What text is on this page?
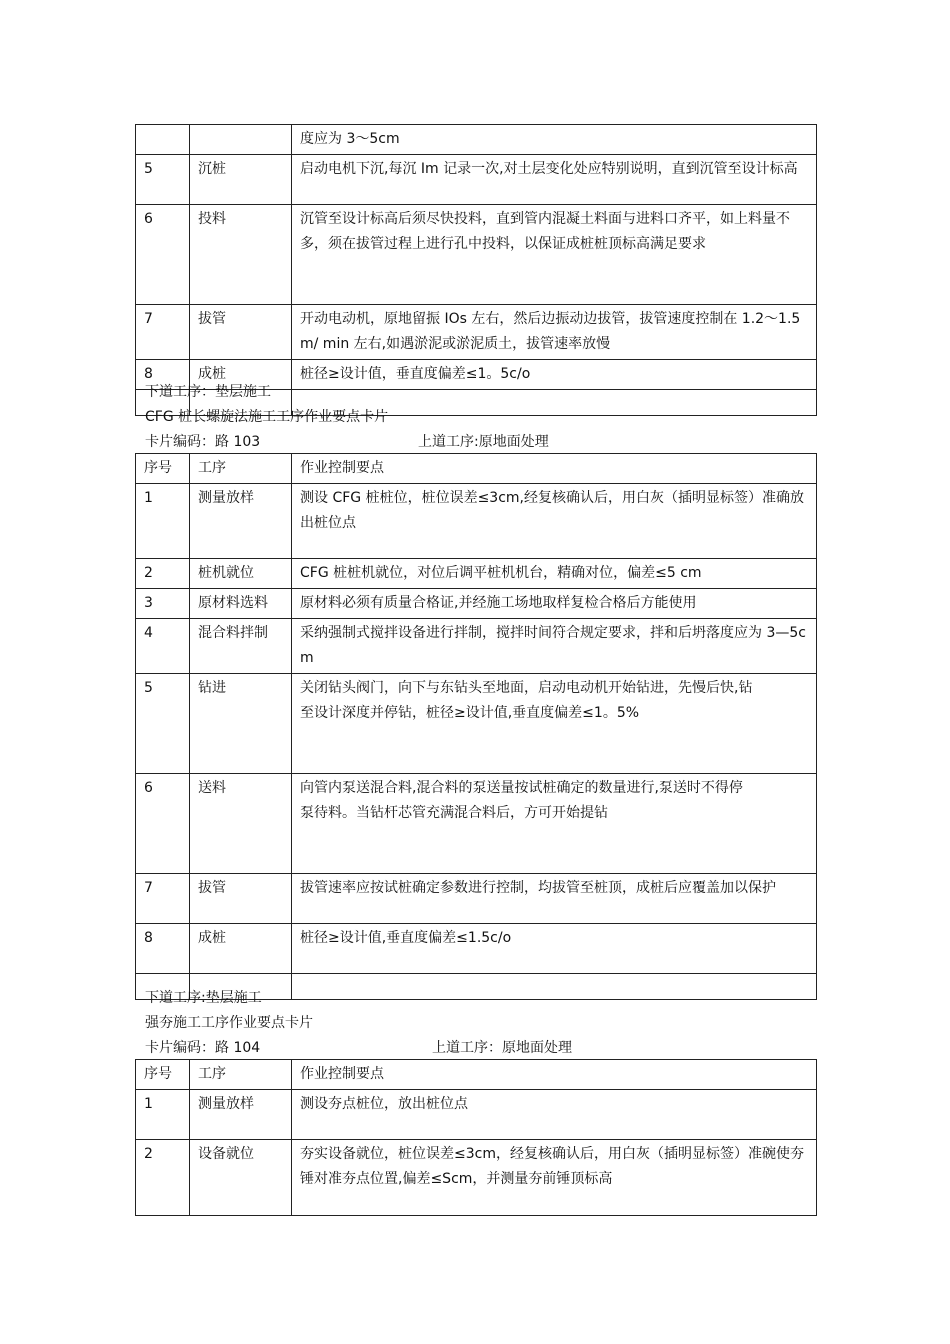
		度应为 3～5cm
5	沉桩	启动电机下沉,每沉 Im 记录一次,对土层变化处应特别说明，直到沉管至设计标高
6	投料	沉管至设计标高后须尽快投料，直到管内混凝土料面与进料口齐平，如上料量不多，须在拔管过程上进行孔中投料，以保证成桩桩顶标高满足要求
7	拔管	开动电动机，原地留振 IOs 左右，然后边振动边拔管，拔管速度控制在 1.2～1.5 m/ min 左右,如遇淤泥或淤泥质土，拔管速率放慢
8	成桩	桩径≥设计值，垂直度偏差≤1。5c/o

下道工序：垫层施工
CFG 桩长螺旋法施工工序作业要点卡片
卡片编码：路 103	上道工序:原地面处理
序号	工序	作业控制要点
1	测量放样	测设 CFG 桩桩位，桩位误差≤3cm,经复核确认后，用白灰（插明显标签）准确放出桩位点
2	桩机就位	CFG 桩桩机就位，对位后调平桩机机台，精确对位，偏差≤5 cm
3	原材料选料	原材料必须有质量合格证,并经施工场地取样复检合格后方能使用
4	混合料拌制	采纳强制式搅拌设备进行拌制，搅拌时间符合规定要求，拌和后坍落度应为 3—5cm
5	钻进	关闭钻头阀门，向下与东钻头至地面，启动电动机开始钻进，先慢后快,钻
至设计深度并停钻，桩径≥设计值,垂直度偏差≤1。5%
6	送料	向管内泵送混合料,混合料的泵送量按试桩确定的数量进行,泵送时不得停
泵待料。当钻杆芯管充满混合料后，方可开始提钻
7	拔管	拔管速率应按试桩确定参数进行控制，均拔管至桩顶，成桩后应覆盖加以保护
8	成桩	桩径≥设计值,垂直度偏差≤1.5c/o

下道工序:垫层施工
强夯施工工序作业要点卡片
卡片编码：路 104	上道工序：原地面处理
序号	工序	作业控制要点
1	测量放样	测设夯点桩位，放出桩位点
2	设备就位	夯实设备就位，桩位误差≤3cm，经复核确认后，用白灰（插明显标签）准碗使夯锤对准夯点位置,偏差≤Scm，并测量夯前锤顶标高
